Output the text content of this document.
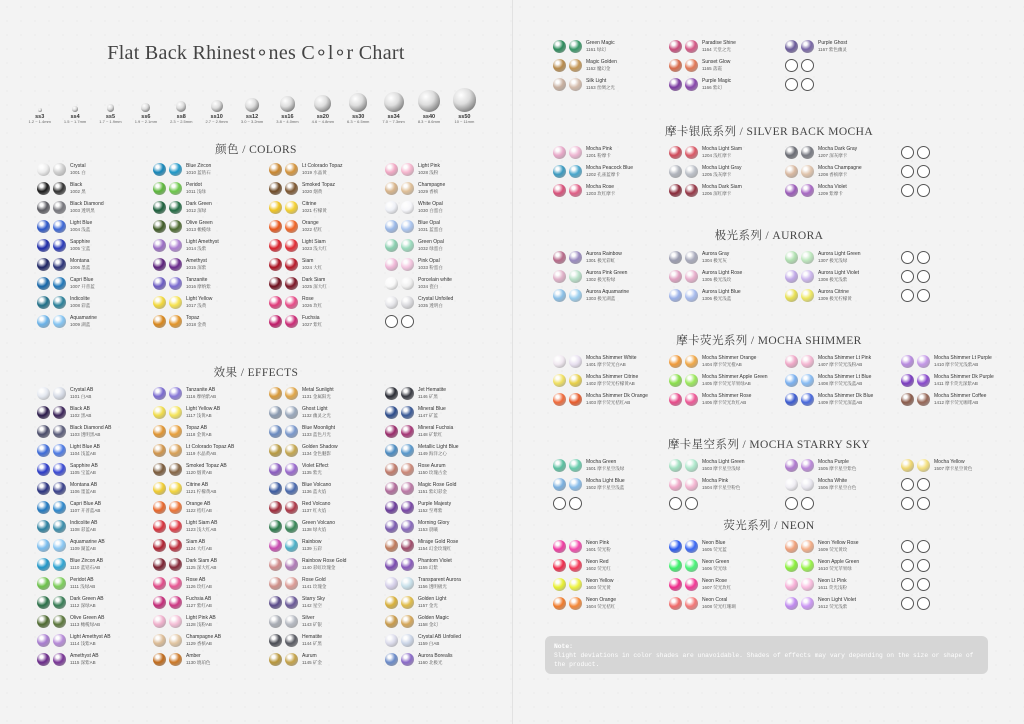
Flat Back Rhinest∘nes C∘l∘r Chart
ss3
1.2 ~ 1.4mm
ss4
1.5 ~ 1.7mm
ss5
1.7 ~ 1.9mm
ss6
1.9 ~ 2.1mm
ss8
2.3 ~ 2.5mm
ss10
2.7 ~ 2.9mm
ss12
3.0 ~ 3.2mm
ss16
3.8 ~ 4.0mm
ss20
4.6 ~ 4.8mm
ss30
6.3 ~ 6.5mm
ss34
7.0 ~ 7.3mm
ss40
8.3 ~ 8.6mm
ss50
10 ~ 11mm
颜色 / COLORS
Crystal
1001 白
Black
1002 黑
Black Diamond
1003 透明黑
Light Blue
1004 浅蓝
Sapphire
1005 宝蓝
Montana
1006 墨蓝
Capri Blue
1007 开普蓝
Indicolite
1008 彩蓝
Aquamarine
1009 湖蓝
Blue Zircon
1010 蓝锆石
Peridot
1011 浅绿
Dark Green
1012 深绿
Olive Green
1013 橄榄绿
Light Amethyst
1014 浅紫
Amethyst
1015 深紫
Tanzanite
1016 摩纳紫
Light Yellow
1017 浅黄
Topaz
1018 金黄
Lt Colorado Topaz
1019 水晶黄
Smoked Topaz
1020 烟黄
Citrine
1021 柠檬黄
Orange
1022 桔红
Light Siam
1023 浅大红
Siam
1024 大红
Dark Siam
1025 深大红
Rose
1026 玫红
Fuchsia
1027 紫红
Light Pink
1028 浅粉
Champagne
1029 香槟
White Opal
1030 白蛋白
Blue Opal
1031 蓝蛋白
Green Opal
1032 绿蛋白
Pink Opal
1033 粉蛋白
Porcelain white
1034 瓷白
Crystal Unfoiled
1035 透明白
效果 / EFFECTS
Crystal AB
1101 白AB
Black AB
1102 黑AB
Black Diamond AB
1103 透明黑AB
Light Blue AB
1104 浅蓝AB
Sapphire AB
1105 宝蓝AB
Montana AB
1106 墨蓝AB
Capri Blue AB
1107 开普蓝AB
Indicolite AB
1108 彩蓝AB
Aquamarine AB
1109 湖蓝AB
Blue Zircon AB
1110 蓝锆石AB
Peridot AB
1111 浅绿AB
Dark Green AB
1112 深绿AB
Olive Green AB
1113 橄榄绿AB
Light Amethyst AB
1114 浅紫AB
Amethyst AB
1115 深紫AB
Tanzanite AB
1116 摩纳紫AB
Light Yellow AB
1117 浅黄AB
Topaz AB
1118 金黄AB
Lt Colorado Topaz AB
1119 水晶黄AB
Smoked Topaz AB
1120 烟黄AB
Citrine AB
1121 柠檬黄AB
Orange AB
1122 桔红AB
Light Siam AB
1123 浅大红AB
Siam AB
1124 大红AB
Dark Siam AB
1125 深大红AB
Rose AB
1126 玫红AB
Fuchsia AB
1127 紫红AB
Light Pink AB
1128 浅粉AB
Champagne AB
1129 香槟AB
Amber
1130 琥珀色
Metal Sunlight
1131 金属阳光
Ghost Light
1132 幽灵之光
Blue Moonlight
1133 蓝色月光
Golden Shadow
1134 金色魅影
Violet Effect
1135 紫光
Blue Volcano
1136 蓝火焰
Red Volcano
1137 红火焰
Green Volcano
1138 绿火焰
Rainbow
1139 五彩
Rainbow Rose Gold
1140 彩虹玫瑰金
Rose Gold
1141 玫瑰金
Starry Sky
1142 星空
Silver
1143 矿银
Hematite
1144 矿黑
Aurum
1145 矿金
Jet Hematite
1146 矿黑
Mineral Blue
1147 矿蓝
Mineral Fuchsia
1148 矿紫红
Metallic Light Blue
1149 海洋之心
Rose Aurum
1150 玫瑰古金
Magic Rose Gold
1151 紫幻彩金
Purple Majesty
1152 至尊紫
Morning Glory
1153 晨曦
Mirage Gold Rose
1154 幻金玫瑰红
Phantom Violet
1155 幻紫
Transparent Aurora
1156 透明极光
Golden Light
1157 金光
Golden Magic
1158 金幻
Crystal AB Unfoiled
1159 白AB
Aurora Borealis
1160 北极光
Green Magic
1161 绿幻
Magic Golden
1162 魔幻金
Silk Light
1163 丝绸之光
Paradise Shine
1164 天堂之光
Sunset Glow
1165 落霞
Purple Magic
1166 紫幻
Purple Ghost
1167 紫色幽灵
摩卡银底系列 / SILVER BACK MOCHA
Mocha Pink
1201 粉摩卡
Mocha Peacock Blue
1202 孔雀蓝摩卡
Mocha Rose
1203 玫红摩卡
Mocha Light Siam
1204 浅红摩卡
Mocha Light Gray
1205 浅灰摩卡
Mocha Dark Siam
1206 深红摩卡
Mocha Dark Gray
1207 深灰摩卡
Mocha Champagne
1208 香槟摩卡
Mocha Violet
1209 紫摩卡
极光系列 / AURORA
Aurora Rainbow
1301 极光彩虹
Aurora Pink Green
1302 极光粉绿
Aurora Aquamarine
1303 极光湖蓝
Aurora Gray
1304 极光灰
Aurora Light Rose
1305 极光浅玫
Aurora Light Blue
1306 极光浅蓝
Aurora Light Green
1307 极光浅绿
Aurora Light Violet
1308 极光浅紫
Aurora Citrine
1309 极光柠檬黄
摩卡荧光系列 / MOCHA SHIMMER
Mocha Shimmer White
1401 摩卡荧光白AB
Mocha Shimmer Citrine
1402 摩卡荧光柠檬黄AB
Mocha Shimmer Dk Orange
1403 摩卡荧光桔红AB
Mocha Shimmer Orange
1404 摩卡荧光橙AB
Mocha Shimmer Apple Green
1405 摩卡荧光苹果绿AB
Mocha Shimmer Rose
1406 摩卡荧光玫红AB
Mocha Shimmer Lt Pink
1407 摩卡荧光浅粉AB
Mocha Shimmer Lt Blue
1408 摩卡荧光浅蓝AB
Mocha Shimmer Dk Blue
1409 摩卡荧光深蓝AB
Mocha Shimmer Lt Purple
1410 摩卡荧光浅紫AB
Mocha Shimmer Dk Purple
1411 摩卡荧光深紫AB
Mocha Shimmer Coffee
1412 摩卡荧光咖啡AB
摩卡星空系列 / MOCHA STARRY SKY
Mocha Green
1501 摩卡星空浅绿
Mocha Light Blue
1502 摩卡星空浅蓝
Mocha Light Green
1503 摩卡星空浅绿
Mocha Pink
1504 摩卡星空粉色
Mocha Purple
1505 摩卡星空紫色
Mocha White
1506 摩卡星空白色
Mocha Yellow
1507 摩卡星空黄色
荧光系列 / NEON
Neon Pink
1601 荧光粉
Neon Red
1602 荧光红
Neon Yellow
1603 荧光黄
Neon Orange
1604 荧光桔红
Neon Blue
1605 荧光蓝
Neon Green
1606 荧光绿
Neon Rose
1607 荧光玫红
Neon Coral
1608 荧光红珊瑚
Neon Yellow Rose
1609 荧光黄玫
Neon Apple Green
1610 荧光苹果绿
Neon Lt Pink
1611 荧光浅粉
Neon Light Violet
1612 荧光浅紫
Note:
Slight deviations in color shades are unavoidable. Shades of effects may vary depending on the size or shape of the product.
